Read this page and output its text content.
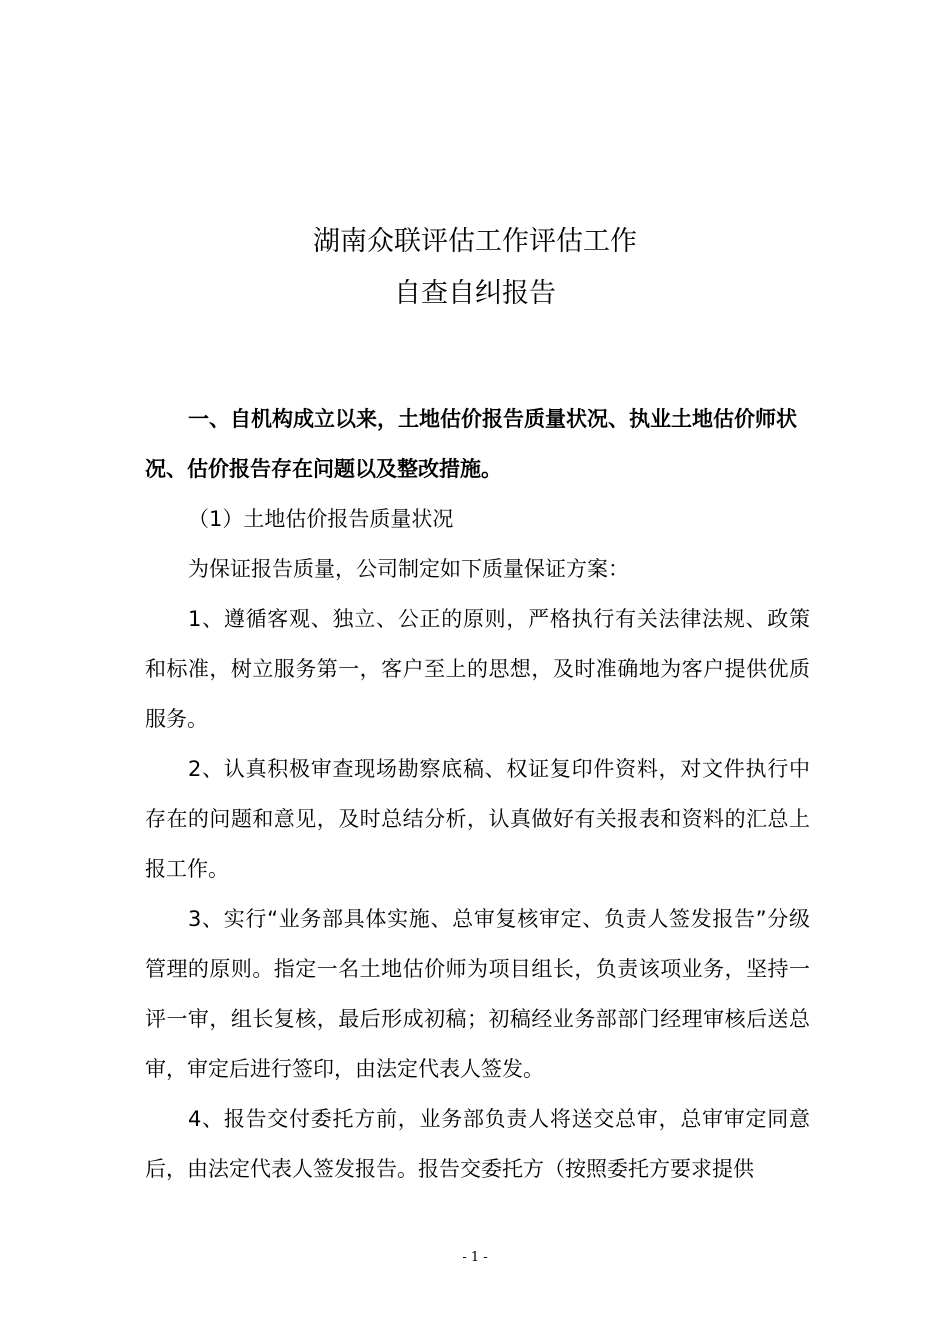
湖南众联评估工作评估工作
自查自纠报告

一、自机构成立以来，土地估价报告质量状况、执业土地估价师状况、估价报告存在问题以及整改措施。

（1）土地估价报告质量状况

为保证报告质量，公司制定如下质量保证方案：

1、遵循客观、独立、公正的原则，严格执行有关法律法规、政策和标准，树立服务第一，客户至上的思想，及时准确地为客户提供优质服务。

2、认真积极审查现场勘察底稿、权证复印件资料，对文件执行中存在的问题和意见，及时总结分析，认真做好有关报表和资料的汇总上报工作。

3、实行“业务部具体实施、总审复核审定、负责人签发报告”分级管理的原则。指定一名土地估价师为项目组长，负责该项业务，坚持一评一审，组长复核，最后形成初稿；初稿经业务部部门经理审核后送总审，审定后进行签印，由法定代表人签发。

4、报告交付委托方前，业务部负责人将送交总审，总审审定同意后，由法定代表人签发报告。报告交委托方（按照委托方要求提供

- 1 -
